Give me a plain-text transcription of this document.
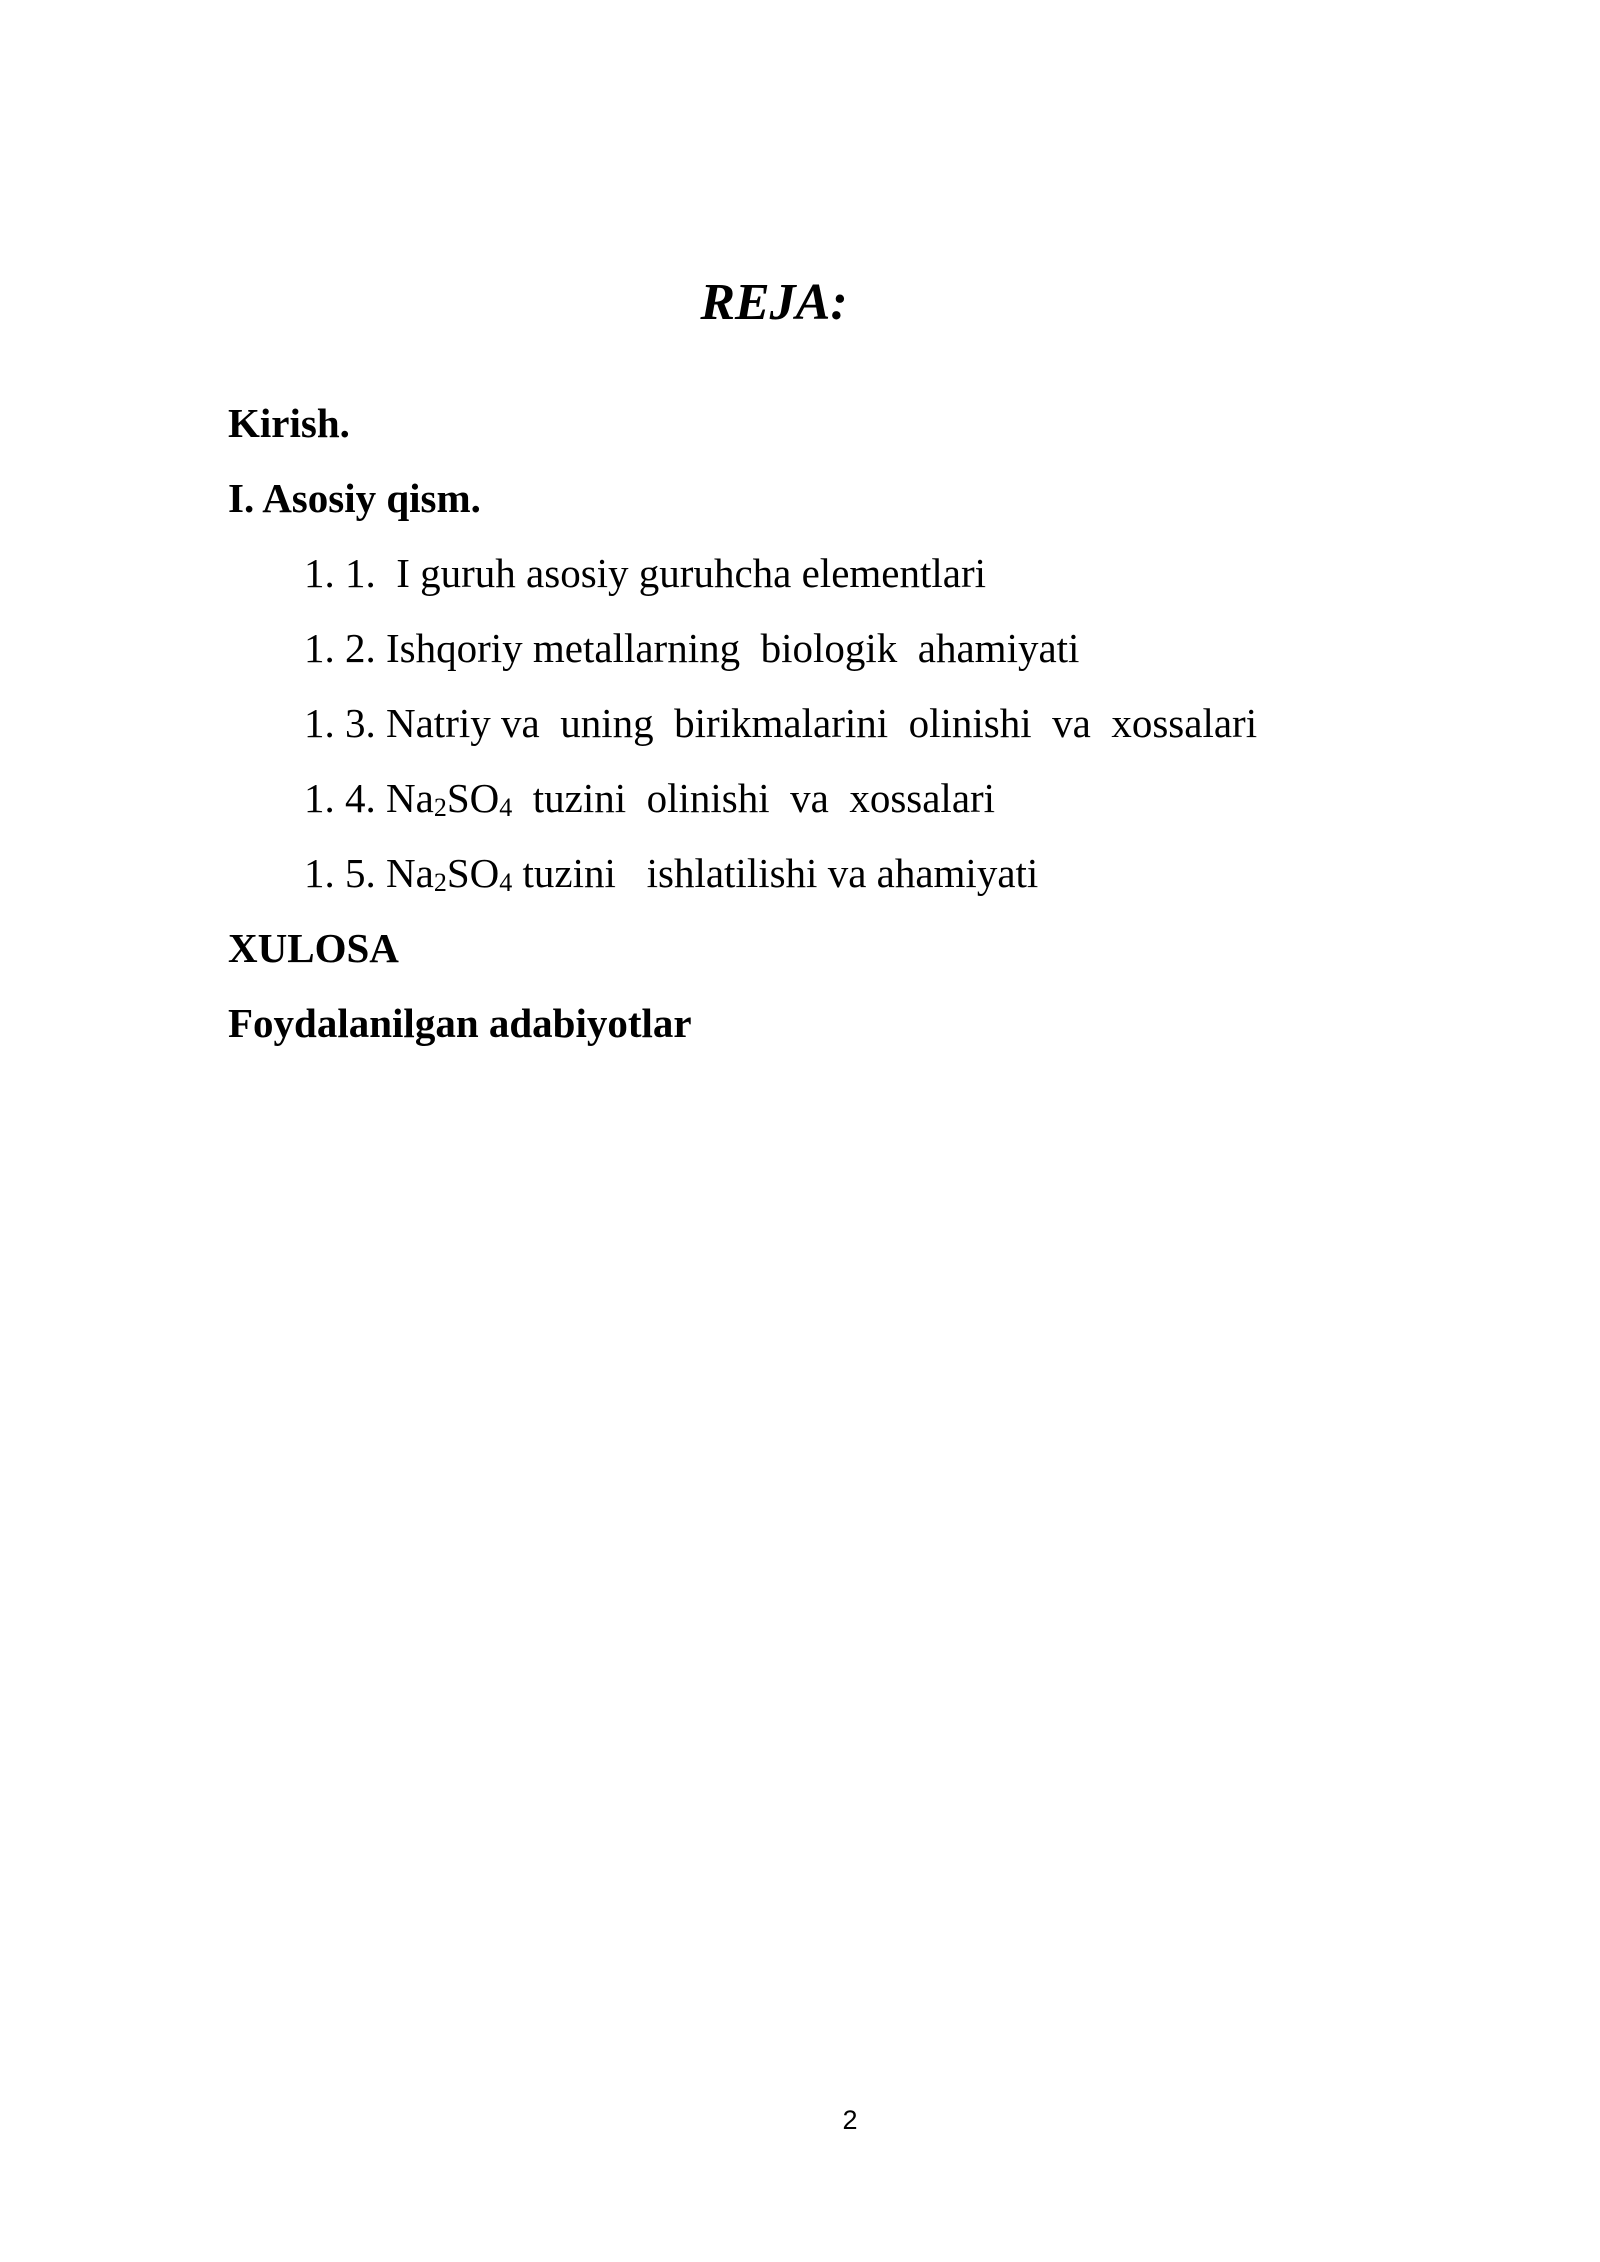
REJA:
Kirish.
I. Asosiy qism.
1. 1.  I guruh asosiy guruhcha elementlari
1. 2. Ishqoriy metallarning  biologik  ahamiyati
1. 3. Natriy va  uning  birikmalarini  olinishi  va  xossalari
1. 4. $Na_2SO_4$  tuzini  olinishi  va  xossalari
1. 5. $Na_2SO_4$ tuzini   ishlatilishi va ahamiyati
XULOSA
Foydalanilgan adabiyotlar
2
